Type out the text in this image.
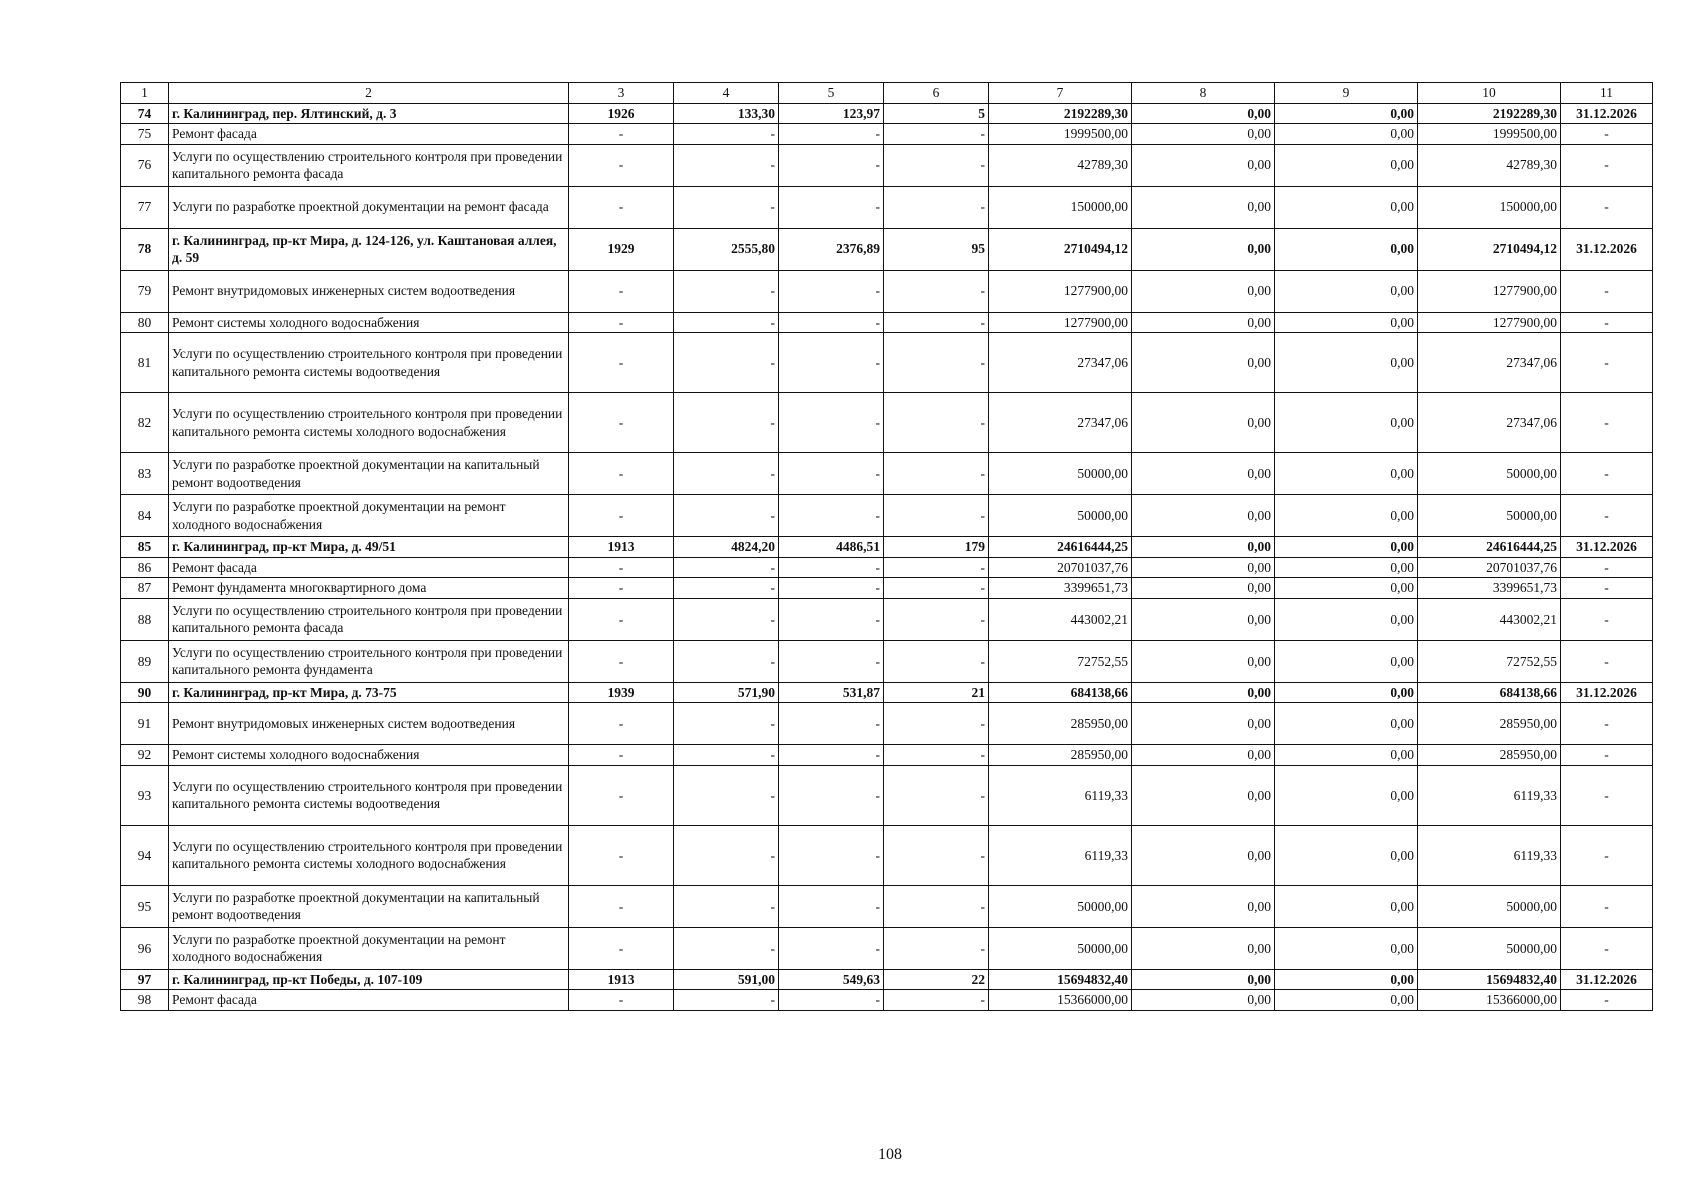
1	2	3	4	5	6	7	8	9	10	11
74	г. Калининград, пер. Ялтинский, д. 3	1926	133,30	123,97	5	2192289,30	0,00	0,00	2192289,30	31.12.2026
75	Ремонт фасада	-	-	-	-	1999500,00	0,00	0,00	1999500,00	-
76	Услуги по осуществлению строительного контроля при проведении капитального ремонта фасада	-	-	-	-	42789,30	0,00	0,00	42789,30	-
77	Услуги по разработке проектной документации на ремонт фасада	-	-	-	-	150000,00	0,00	0,00	150000,00	-
78	г. Калининград, пр-кт Мира, д. 124-126, ул. Каштановая аллея, д. 59	1929	2555,80	2376,89	95	2710494,12	0,00	0,00	2710494,12	31.12.2026
79	Ремонт внутридомовых инженерных систем водоотведения	-	-	-	-	1277900,00	0,00	0,00	1277900,00	-
80	Ремонт системы холодного водоснабжения	-	-	-	-	1277900,00	0,00	0,00	1277900,00	-
81	Услуги по осуществлению строительного контроля при проведении капитального ремонта системы водоотведения	-	-	-	-	27347,06	0,00	0,00	27347,06	-
82	Услуги по осуществлению строительного контроля при проведении капитального ремонта системы холодного водоснабжения	-	-	-	-	27347,06	0,00	0,00	27347,06	-
83	Услуги по разработке проектной документации на капитальный ремонт водоотведения	-	-	-	-	50000,00	0,00	0,00	50000,00	-
84	Услуги по разработке проектной документации на ремонт холодного водоснабжения	-	-	-	-	50000,00	0,00	0,00	50000,00	-
85	г. Калининград, пр-кт Мира, д. 49/51	1913	4824,20	4486,51	179	24616444,25	0,00	0,00	24616444,25	31.12.2026
86	Ремонт фасада	-	-	-	-	20701037,76	0,00	0,00	20701037,76	-
87	Ремонт фундамента многоквартирного дома	-	-	-	-	3399651,73	0,00	0,00	3399651,73	-
88	Услуги по осуществлению строительного контроля при проведении капитального ремонта фасада	-	-	-	-	443002,21	0,00	0,00	443002,21	-
89	Услуги по осуществлению строительного контроля при проведении капитального ремонта фундамента	-	-	-	-	72752,55	0,00	0,00	72752,55	-
90	г. Калининград, пр-кт Мира, д. 73-75	1939	571,90	531,87	21	684138,66	0,00	0,00	684138,66	31.12.2026
91	Ремонт внутридомовых инженерных систем водоотведения	-	-	-	-	285950,00	0,00	0,00	285950,00	-
92	Ремонт системы холодного водоснабжения	-	-	-	-	285950,00	0,00	0,00	285950,00	-
93	Услуги по осуществлению строительного контроля при проведении капитального ремонта системы водоотведения	-	-	-	-	6119,33	0,00	0,00	6119,33	-
94	Услуги по осуществлению строительного контроля при проведении капитального ремонта системы холодного водоснабжения	-	-	-	-	6119,33	0,00	0,00	6119,33	-
95	Услуги по разработке проектной документации на капитальный ремонт водоотведения	-	-	-	-	50000,00	0,00	0,00	50000,00	-
96	Услуги по разработке проектной документации на ремонт холодного водоснабжения	-	-	-	-	50000,00	0,00	0,00	50000,00	-
97	г. Калининград, пр-кт Победы, д. 107-109	1913	591,00	549,63	22	15694832,40	0,00	0,00	15694832,40	31.12.2026
98	Ремонт фасада	-	-	-	-	15366000,00	0,00	0,00	15366000,00	-
108
